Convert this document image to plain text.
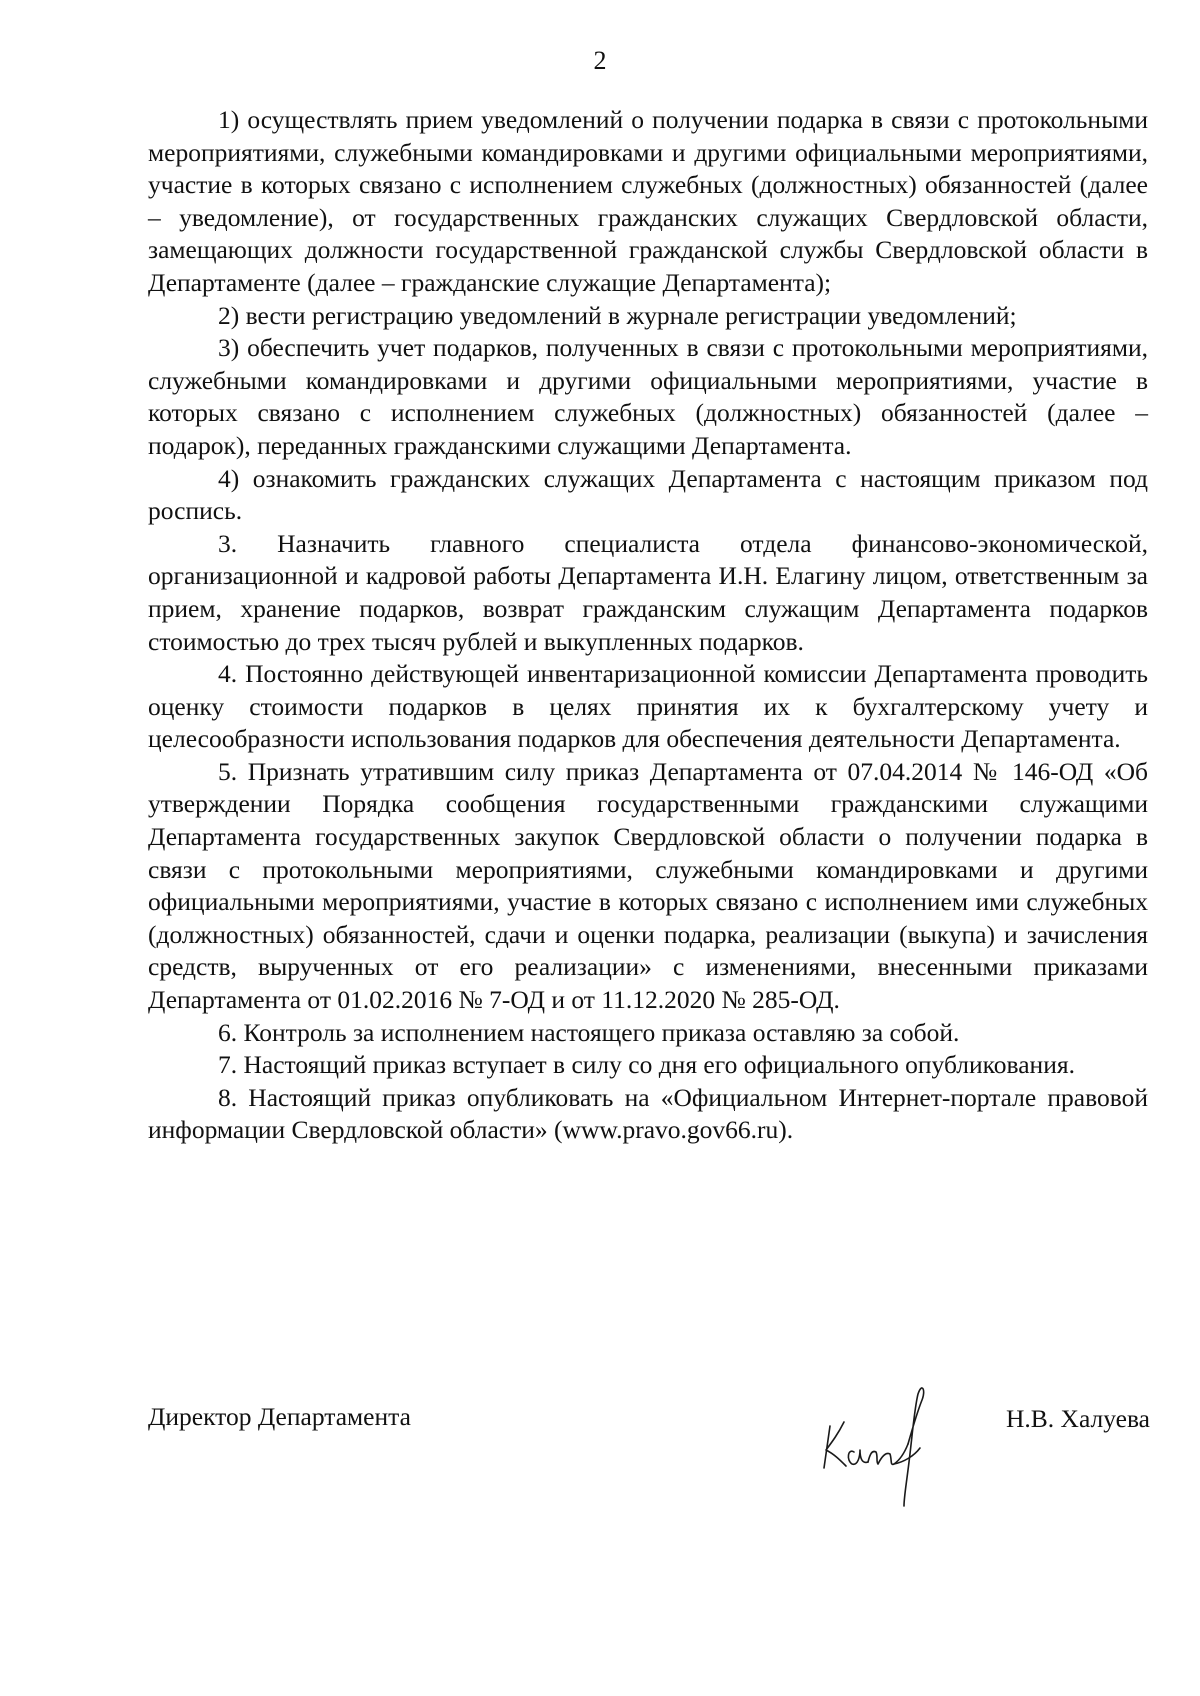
2

1) осуществлять прием уведомлений о получении подарка в связи с протокольными мероприятиями, служебными командировками и другими официальными мероприятиями, участие в которых связано с исполнением служебных (должностных) обязанностей (далее – уведомление), от государственных гражданских служащих Свердловской области, замещающих должности государственной гражданской службы Свердловской области в Департаменте (далее – гражданские служащие Департамента);

2) вести регистрацию уведомлений в журнале регистрации уведомлений;

3) обеспечить учет подарков, полученных в связи с протокольными мероприятиями, служебными командировками и другими официальными мероприятиями, участие в которых связано с исполнением служебных (должностных) обязанностей (далее – подарок), переданных гражданскими служащими Департамента.

4) ознакомить гражданских служащих Департамента с настоящим приказом под роспись.

3. Назначить главного специалиста отдела финансово-экономической, организационной и кадровой работы Департамента И.Н. Елагину лицом, ответственным за прием, хранение подарков, возврат гражданским служащим Департамента подарков стоимостью до трех тысяч рублей и выкупленных подарков.

4. Постоянно действующей инвентаризационной комиссии Департамента проводить оценку стоимости подарков в целях принятия их к бухгалтерскому учету и целесообразности использования подарков для обеспечения деятельности Департамента.

5. Признать утратившим силу приказ Департамента от 07.04.2014 № 146-ОД «Об утверждении Порядка сообщения государственными гражданскими служащими Департамента государственных закупок Свердловской области о получении подарка в связи с протокольными мероприятиями, служебными командировками и другими официальными мероприятиями, участие в которых связано с исполнением ими служебных (должностных) обязанностей, сдачи и оценки подарка, реализации (выкупа) и зачисления средств, вырученных от его реализации» с изменениями, внесенными приказами Департамента от 01.02.2016 № 7-ОД и от 11.12.2020 № 285-ОД.

6. Контроль за исполнением настоящего приказа оставляю за собой.

7. Настоящий приказ вступает в силу со дня его официального опубликования.

8. Настоящий приказ опубликовать на «Официальном Интернет-портале правовой информации Свердловской области» (www.pravo.gov66.ru).

Директор Департамента	Н.В. Халуева
